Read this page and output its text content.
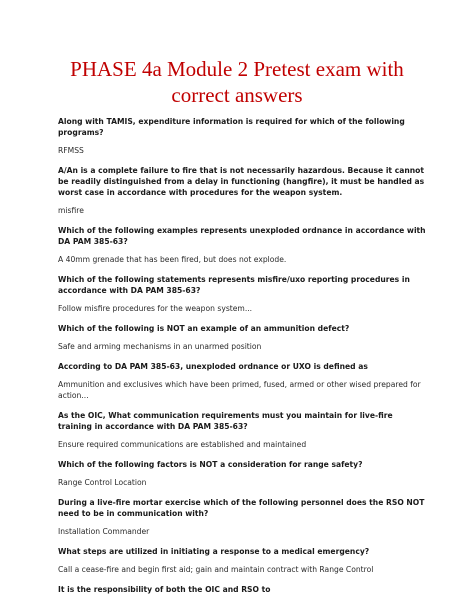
PHASE 4a Module 2 Pretest exam with correct answers

Along with TAMIS, expenditure information is required for which of the following programs?

RFMSS

A/An is a complete failure to fire that is not necessarily hazardous. Because it cannot be readily distinguished from a delay in functioning (hangfire), it must be handled as worst case in accordance with procedures for the weapon system.

misfire

Which of the following examples represents unexploded ordnance in accordance with DA PAM 385-63?

A 40mm grenade that has been fired, but does not explode.

Which of the following statements represents misfire/uxo reporting procedures in accordance with DA PAM 385-63?

Follow misfire procedures for the weapon system...

Which of the following is NOT an example of an ammunition defect?

Safe and arming mechanisms in an unarmed position

According to DA PAM 385-63, unexploded ordnance or UXO is defined as

Ammunition and exclusives which have been primed, fused, armed or other wised prepared for action...

As the OIC, What communication requirements must you maintain for live-fire training in accordance with DA PAM 385-63?

Ensure required communications are established and maintained

Which of the following factors is NOT a consideration for range safety?

Range Control Location

During a live-fire mortar exercise which of the following personnel does the RSO NOT need to be in communication with?

Installation Commander

What steps are utilized in initiating a response to a medical emergency?

Call a cease-fire and begin first aid; gain and maintain contract with Range Control

It is the responsibility of both the OIC and RSO to
